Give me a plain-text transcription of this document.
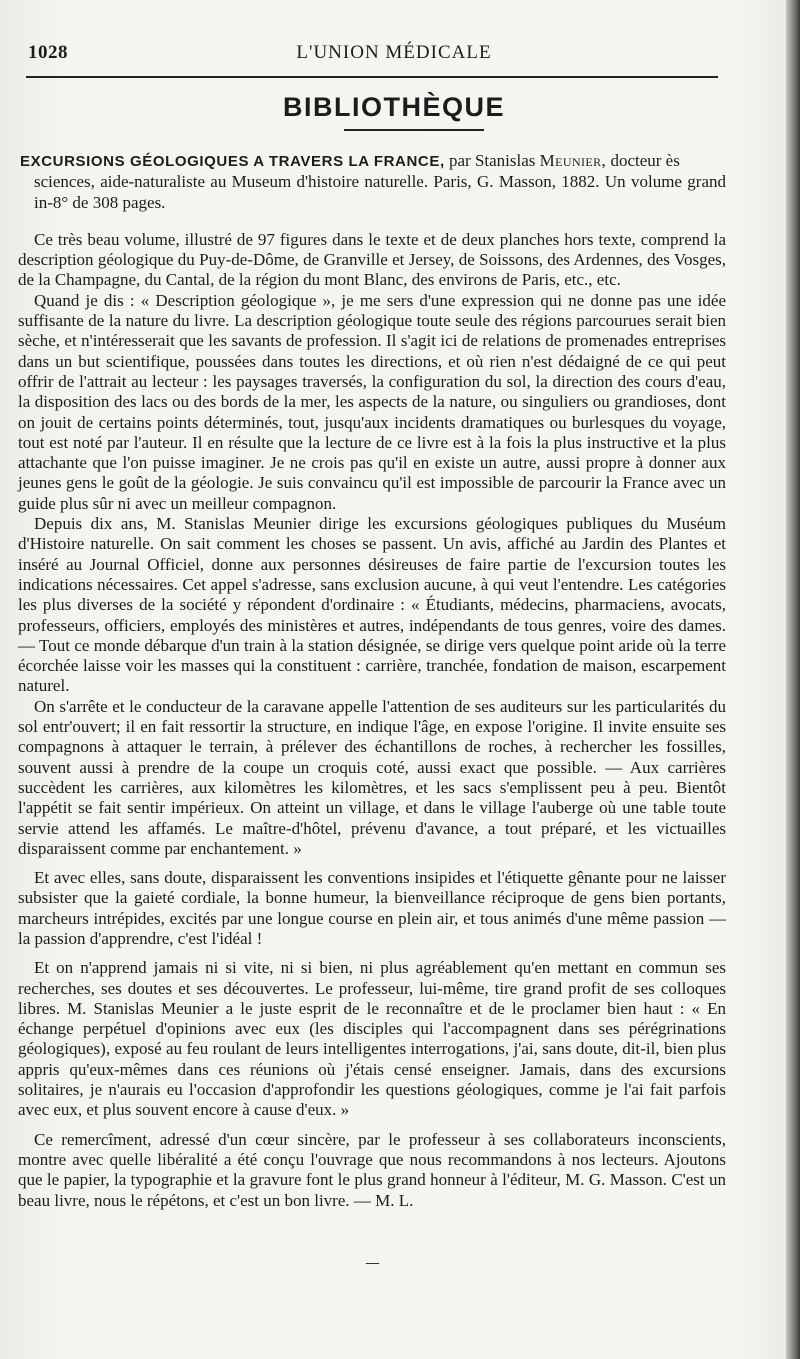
1028	L'UNION MÉDICALE
BIBLIOTHÈQUE

EXCURSIONS GÉOLOGIQUES A TRAVERS LA FRANCE, par Stanislas Meunier, docteur ès
sciences, aide-naturaliste au Museum d'histoire naturelle. Paris, G. Masson, 1882. Un volume grand in-8° de 308 pages.

Ce très beau volume, illustré de 97 figures dans le texte et de deux planches hors texte, comprend la description géologique du Puy-de-Dôme, de Granville et Jersey, de Soissons, des Ardennes, des Vosges, de la Champagne, du Cantal, de la région du mont Blanc, des environs de Paris, etc., etc.

Quand je dis : « Description géologique », je me sers d'une expression qui ne donne pas une idée suffisante de la nature du livre. La description géologique toute seule des régions parcourues serait bien sèche, et n'intéresserait que les savants de profession. Il s'agit ici de relations de promenades entreprises dans un but scientifique, poussées dans toutes les directions, et où rien n'est dédaigné de ce qui peut offrir de l'attrait au lecteur : les paysages traversés, la configuration du sol, la direction des cours d'eau, la disposition des lacs ou des bords de la mer, les aspects de la nature, ou singuliers ou grandioses, dont on jouit de certains points déterminés, tout, jusqu'aux incidents dramatiques ou burlesques du voyage, tout est noté par l'auteur. Il en résulte que la lecture de ce livre est à la fois la plus instructive et la plus attachante que l'on puisse imaginer. Je ne crois pas qu'il en existe un autre, aussi propre à donner aux jeunes gens le goût de la géologie. Je suis convaincu qu'il est impossible de parcourir la France avec un guide plus sûr ni avec un meilleur compagnon.

Depuis dix ans, M. Stanislas Meunier dirige les excursions géologiques publiques du Muséum d'Histoire naturelle. On sait comment les choses se passent. Un avis, affiché au Jardin des Plantes et inséré au Journal Officiel, donne aux personnes désireuses de faire partie de l'excursion toutes les indications nécessaires. Cet appel s'adresse, sans exclusion aucune, à qui veut l'entendre. Les catégories les plus diverses de la société y répondent d'ordinaire : « Étudiants, médecins, pharmaciens, avocats, professeurs, officiers, employés des ministères et autres, indépendants de tous genres, voire des dames. — Tout ce monde débarque d'un train à la station désignée, se dirige vers quelque point aride où la terre écorchée laisse voir les masses qui la constituent : carrière, tranchée, fondation de maison, escarpement naturel.

On s'arrête et le conducteur de la caravane appelle l'attention de ses auditeurs sur les particularités du sol entr'ouvert; il en fait ressortir la structure, en indique l'âge, en expose l'origine. Il invite ensuite ses compagnons à attaquer le terrain, à prélever des échantillons de roches, à rechercher les fossilles, souvent aussi à prendre de la coupe un croquis coté, aussi exact que possible. — Aux carrières succèdent les carrières, aux kilomètres les kilomètres, et les sacs s'emplissent peu à peu. Bientôt l'appétit se fait sentir impérieux. On atteint un village, et dans le village l'auberge où une table toute servie attend les affamés. Le maître-d'hôtel, prévenu d'avance, a tout préparé, et les victuailles disparaissent comme par enchantement. »

Et avec elles, sans doute, disparaissent les conventions insipides et l'étiquette gênante pour ne laisser subsister que la gaieté cordiale, la bonne humeur, la bienveillance réciproque de gens bien portants, marcheurs intrépides, excités par une longue course en plein air, et tous animés d'une même passion — la passion d'apprendre, c'est l'idéal !

Et on n'apprend jamais ni si vite, ni si bien, ni plus agréablement qu'en mettant en commun ses recherches, ses doutes et ses découvertes. Le professeur, lui-même, tire grand profit de ses colloques libres. M. Stanislas Meunier a le juste esprit de le reconnaître et de le proclamer bien haut : « En échange perpétuel d'opinions avec eux (les disciples qui l'accompagnent dans ses pérégrinations géologiques), exposé au feu roulant de leurs intelligentes interrogations, j'ai, sans doute, dit-il, bien plus appris qu'eux-mêmes dans ces réunions où j'étais censé enseigner. Jamais, dans des excursions solitaires, je n'aurais eu l'occasion d'approfondir les questions géologiques, comme je l'ai fait parfois avec eux, et plus souvent encore à cause d'eux. »

Ce remercîment, adressé d'un cœur sincère, par le professeur à ses collaborateurs inconscients, montre avec quelle libéralité a été conçu l'ouvrage que nous recommandons à nos lecteurs. Ajoutons que le papier, la typographie et la gravure font le plus grand honneur à l'éditeur, M. G. Masson. C'est un beau livre, nous le répétons, et c'est un bon livre. — M. L.

-----
